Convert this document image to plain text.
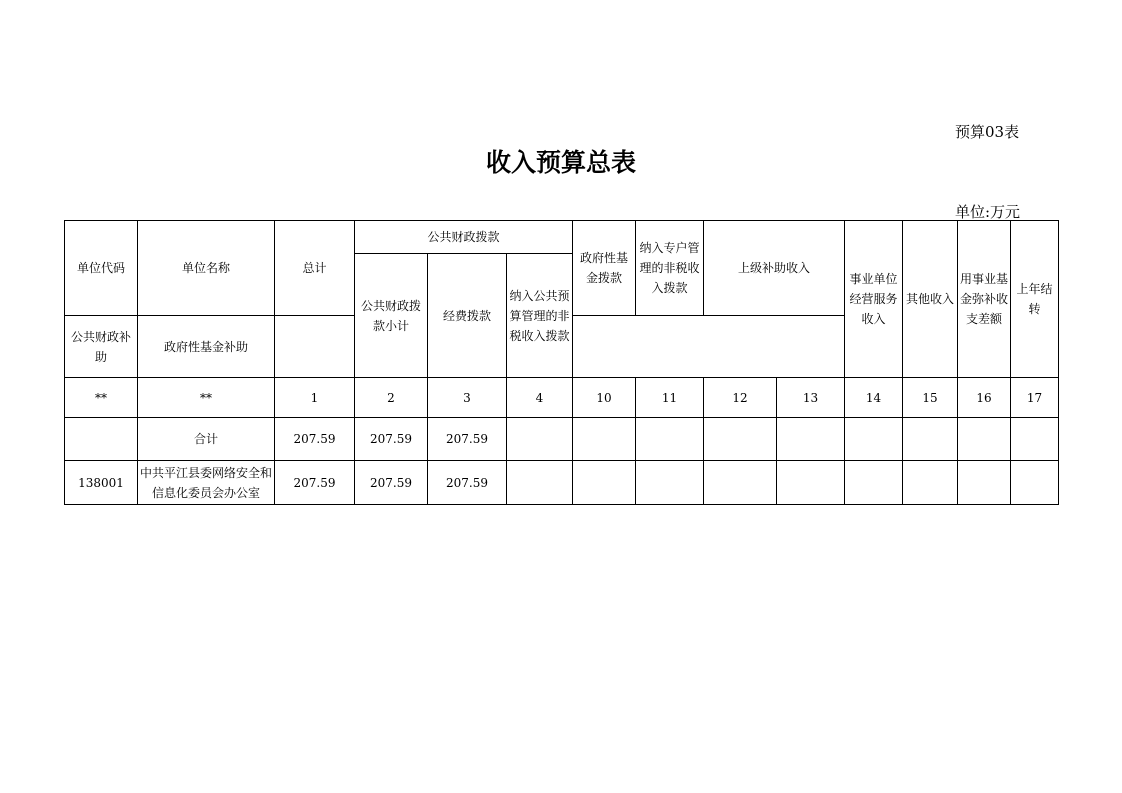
预算03表
收入预算总表
单位:万元
单位代码	单位名称	总计	公共财政拨款			政府性基金拨款	纳入专户管理的非税收入拨款	上级补助收入		事业单位经营服务收入	其他收入	用事业基金弥补收支差额	上年结转
			公共财政拨款小计	经费拨款	纳入公共预算管理的非税收入拨款								
公共财政补助	政府性基金补助												
**	**	1	2	3	4	10	11	12	13	14	15	16	17
	合计	207.59	207.59	207.59									
138001	中共平江县委网络安全和信息化委员会办公室	207.59	207.59	207.59									
